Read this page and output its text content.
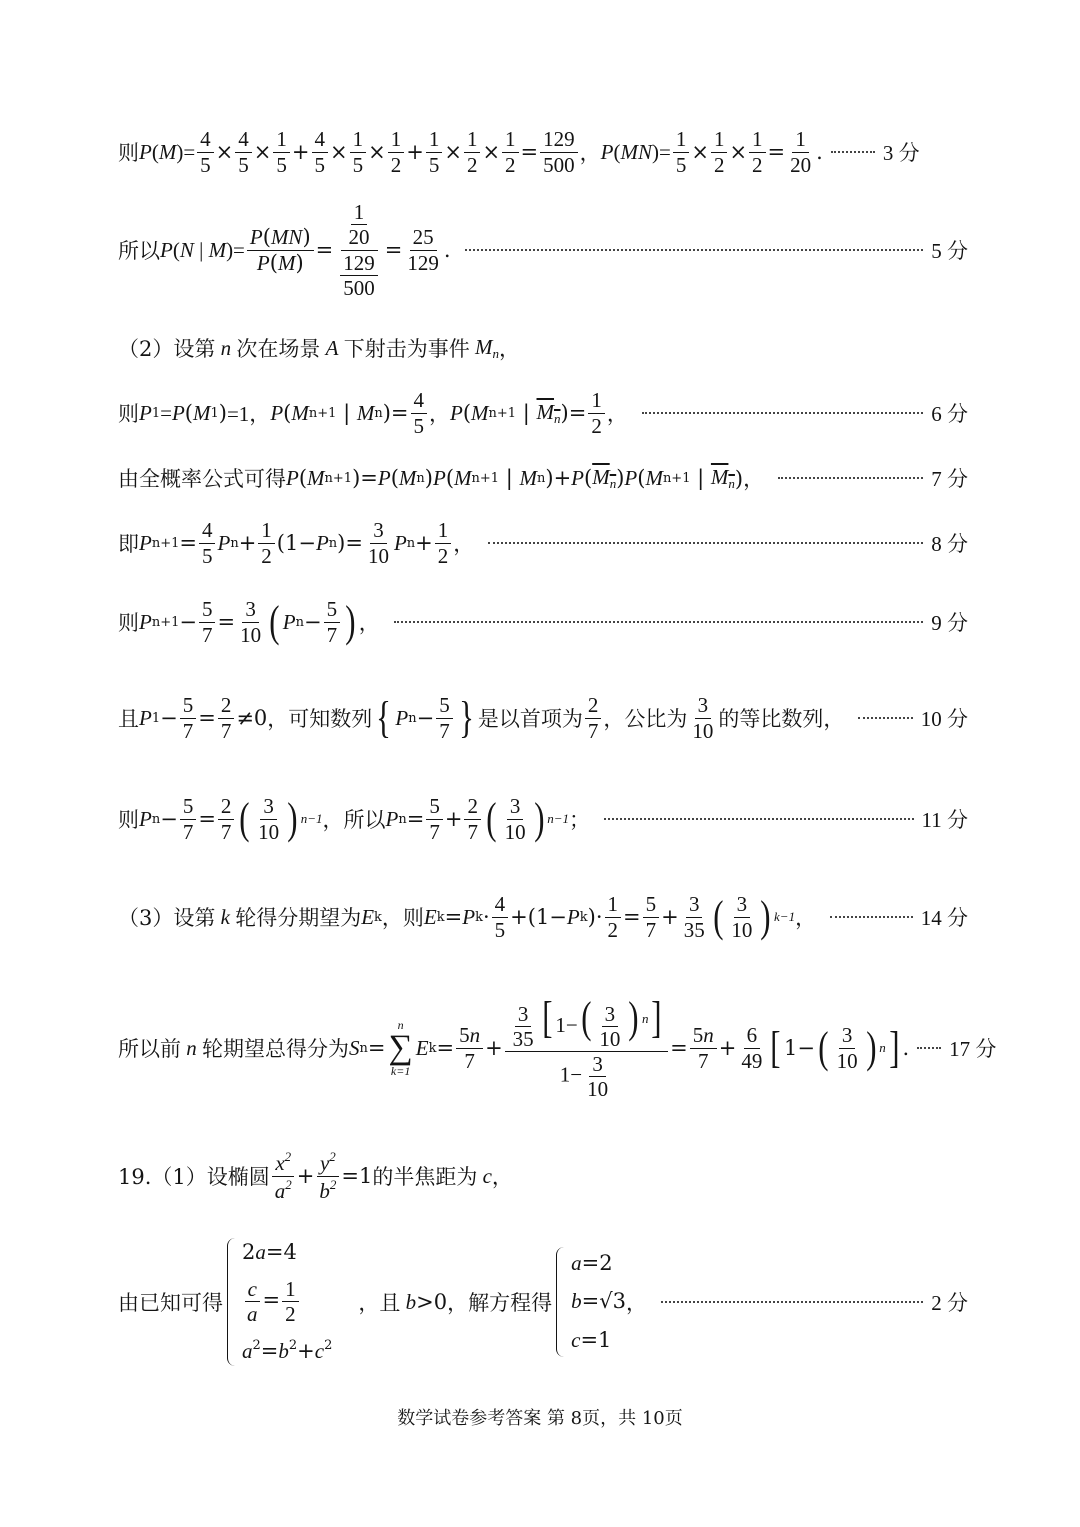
则 P ( M )= $\frac{4}{5} \times \frac{4}{5} \times \frac{1}{5} + \frac{4}{5} \times \frac{1}{5} \times \frac{1}{2} + \frac{1}{5} \times \frac{1}{2} \times \frac{1}{2} = \frac{129}{500}$ ， P ( MN )= $\frac{1}{5} \times \frac{1}{2} \times \frac{1}{2} = \frac{1}{20}$ .	3 分
所以 P ( N | M )= $\frac{P(MN)}{P(M)} = \frac{\frac{1}{20}}{\frac{129}{500}} = \frac{25}{129}$ .	5 分
（2）设第 n 次在场景 A 下射击为事件 $M_n$ ，
则 P 1 = P ( M 1 ) =1， P ( M n+1 | M n )= $\frac{4}{5}$ ， P ( M n+1 | $M_n$ )= $\frac{1}{2}$ ，	6 分
由全概率公式可得 P ( M n+1 )= P ( M n ) P ( M n+1 | M n )+ P ( $M_n$ ) P ( M n+1 | $M_n$ )，	7 分
即 P $n+1 = \frac{4}{5}$ P $n + \frac{1}{2} (1- P$ n )= $\frac{3}{10}$ P $n + \frac{1}{2}$ ，	8 分
则 P $n+1 - \frac{5}{7} = \frac{3}{10}$ ( P $n - \frac{5}{7}$ ) ，	9 分
且 P $1 - \frac{5}{7} = \frac{2}{7} \ne 0$ ，可知数列 { P $n - \frac{5}{7}$ } 是以首项为 $\frac{2}{7}$ ，公比为 $\frac{3}{10}$ 的等比数列，	10 分
则 P $n - \frac{5}{7} = \frac{2}{7}$ ( $\frac{3}{10}$ ) n−1 ，所以 P $n = \frac{5}{7} + \frac{2}{7}$ ( $\frac{3}{10}$ ) n−1 ；	11 分
（3）设第 k 轮得分期望为 E k ，则 E k = P $k \cdot \frac{4}{5} +(1- P$ k )· $\frac{1}{2} = \frac{5}{7} + \frac{3}{35}$ ( $\frac{3}{10}$ ) k−1 ，	14 分
所以前 n 轮期望总得分为 S n =
n
∑
k=1
E $k = \frac{5n}{7} + \frac{\frac{3}{35} [ 1-( \frac{3}{10} ) ^n]}{1- \frac{3}{10}} = \frac{5n}{7} + \frac{6}{49}$ [ 1− ( $\frac{3}{10}$ ) n ] . 17 分
19.（1）设椭圆 $\frac{x^2}{a^2} + \frac{y^2}{b^2} =1$ 的半焦距为 c ，
由已知可得
2a=4
$\frac{c}{a} = \frac{1}{2}$
$a^2=b^2+c^2$
，且 b >0 ，解方程得
a=2
b=√3
c=1
，	2 分
数学试卷参考答案 第 8页，共 10页
